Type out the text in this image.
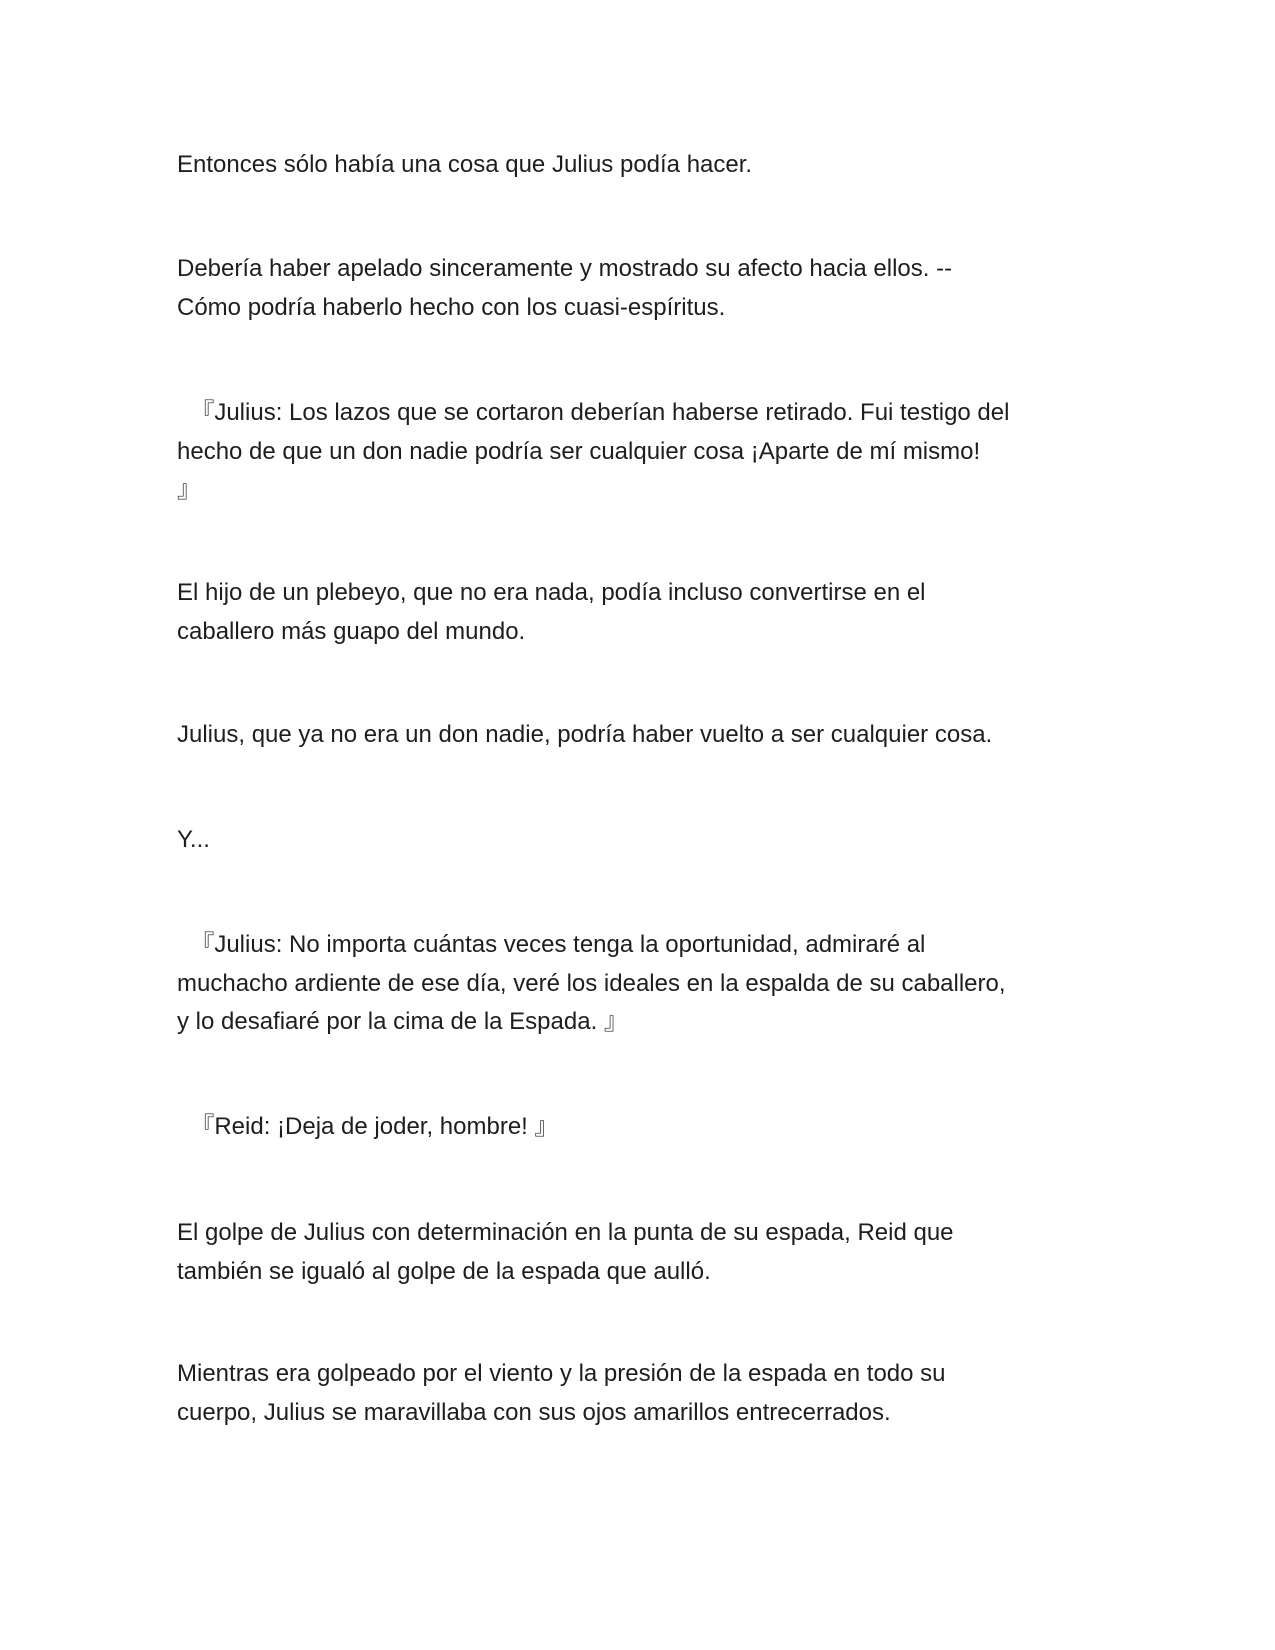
Entonces sólo había una cosa que Julius podía hacer.

Debería haber apelado sinceramente y mostrado su afecto hacia ellos. --
Cómo podría haberlo hecho con los cuasi-espíritus.

『Julius: Los lazos que se cortaron deberían haberse retirado. Fui testigo del
hecho de que un don nadie podría ser cualquier cosa ¡Aparte de mí mismo!
』

El hijo de un plebeyo, que no era nada, podía incluso convertirse en el
caballero más guapo del mundo.

Julius, que ya no era un don nadie, podría haber vuelto a ser cualquier cosa.

Y...

『Julius: No importa cuántas veces tenga la oportunidad, admiraré al
muchacho ardiente de ese día, veré los ideales en la espalda de su caballero,
y lo desafiaré por la cima de la Espada. 』

『Reid: ¡Deja de joder, hombre! 』

El golpe de Julius con determinación en la punta de su espada, Reid que
también se igualó al golpe de la espada que aulló.

Mientras era golpeado por el viento y la presión de la espada en todo su
cuerpo, Julius se maravillaba con sus ojos amarillos entrecerrados.
